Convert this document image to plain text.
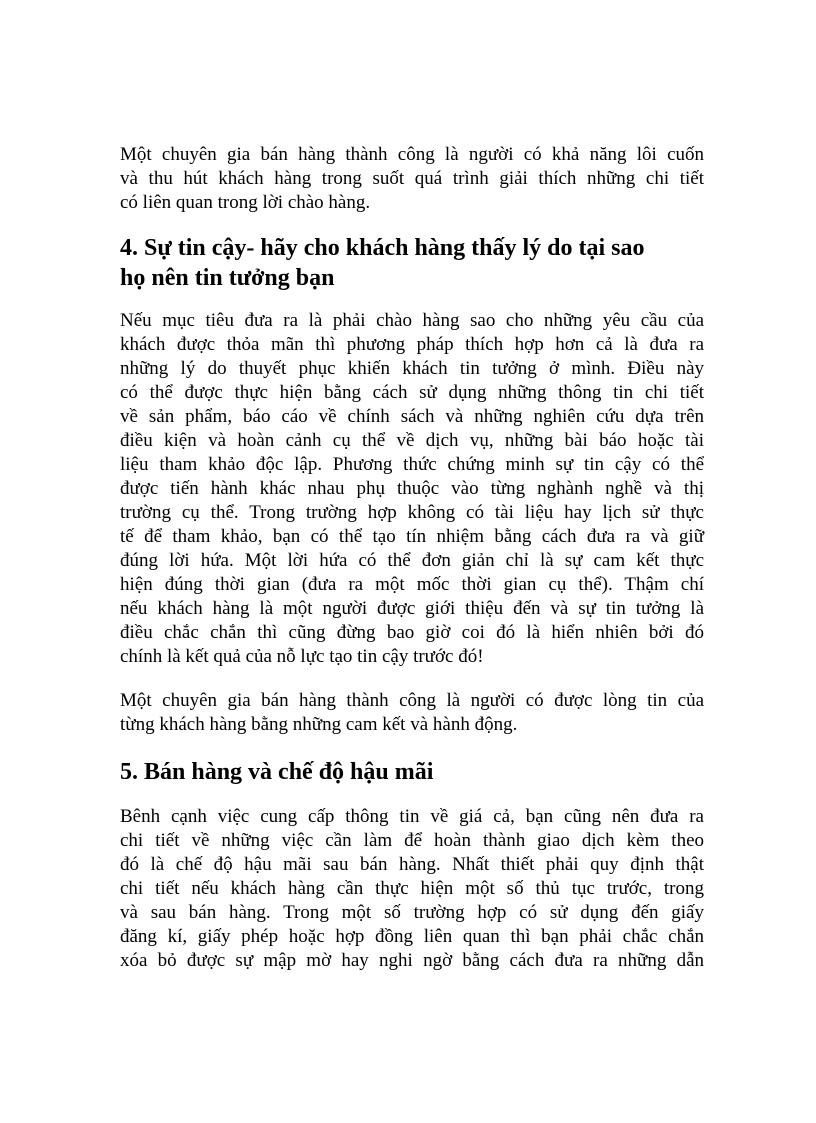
Một chuyên gia bán hàng thành công là người có khả năng lôi cuốn
và thu hút khách hàng trong suốt quá trình giải thích những chi tiết
có liên quan trong lời chào hàng.

4. Sự tin cậy- hãy cho khách hàng thấy lý do tại sao
họ nên tin tưởng bạn

Nếu mục tiêu đưa ra là phải chào hàng sao cho những yêu cầu của
khách được thỏa mãn thì phương pháp thích hợp hơn cả là đưa ra
những lý do thuyết phục khiến khách tin tưởng ở mình. Điều này
có thể được thực hiện bằng cách sử dụng những thông tin chi tiết
về sản phẩm, báo cáo về chính sách và những nghiên cứu dựa trên
điều kiện và hoàn cảnh cụ thể về dịch vụ, những bài báo hoặc tài
liệu tham khảo độc lập. Phương thức chứng minh sự tin cậy có thể
được tiến hành khác nhau phụ thuộc vào từng nghành nghề và thị
trường cụ thể. Trong trường hợp không có tài liệu hay lịch sử thực
tế để tham khảo, bạn có thể tạo tín nhiệm bằng cách đưa ra và giữ
đúng lời hứa. Một lời hứa có thể đơn giản chỉ là sự cam kết thực
hiện đúng thời gian (đưa ra một mốc thời gian cụ thể). Thậm chí
nếu khách hàng là một người được giới thiệu đến và sự tin tưởng là
điều chắc chắn thì cũng đừng bao giờ coi đó là hiển nhiên bởi đó
chính là kết quả của nỗ lực tạo tin cậy trước đó!

Một chuyên gia bán hàng thành công là người có được lòng tin của
từng khách hàng bằng những cam kết và hành động.

5. Bán hàng và chế độ hậu mãi

Bênh cạnh việc cung cấp thông tin về giá cả, bạn cũng nên đưa ra
chi tiết về những việc cần làm để hoàn thành giao dịch kèm theo
đó là chế độ hậu mãi sau bán hàng. Nhất thiết phải quy định thật
chi tiết nếu khách hàng cần thực hiện một số thủ tục trước, trong
và sau bán hàng. Trong một số trường hợp có sử dụng đến giấy
đăng kí, giấy phép hoặc hợp đồng liên quan thì bạn phải chắc chắn
xóa bỏ được sự mập mờ hay nghi ngờ bằng cách đưa ra những dẫn
